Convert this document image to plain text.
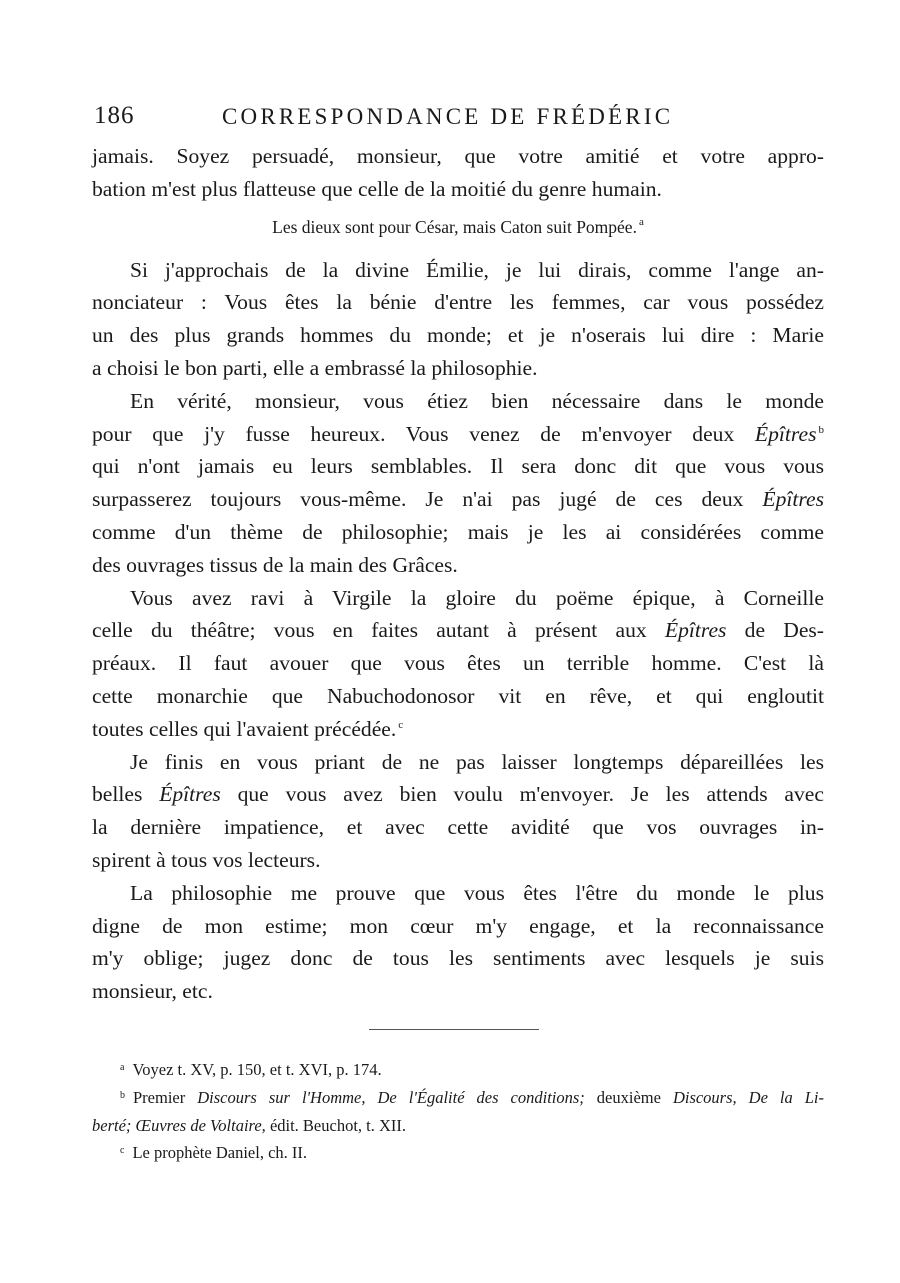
186	CORRESPONDANCE DE FRÉDÉRIC
jamais. Soyez persuadé, monsieur, que votre amitié et votre appro-
bation m'est plus flatteuse que celle de la moitié du genre humain.
Les dieux sont pour César, mais Caton suit Pompée. $^a$
Si j'approchais de la divine Émilie, je lui dirais, comme l'ange an-
nonciateur : Vous êtes la bénie d'entre les femmes, car vous possédez
un des plus grands hommes du monde; et je n'oserais lui dire : Marie
a choisi le bon parti, elle a embrassé la philosophie.
En vérité, monsieur, vous étiez bien nécessaire dans le monde
pour que j'y fusse heureux. Vous venez de m'envoyer deux Épîtres $^b$
qui n'ont jamais eu leurs semblables. Il sera donc dit que vous vous
surpasserez toujours vous-même. Je n'ai pas jugé de ces deux Épîtres
comme d'un thème de philosophie; mais je les ai considérées comme
des ouvrages tissus de la main des Grâces.
Vous avez ravi à Virgile la gloire du poëme épique, à Corneille
celle du théâtre; vous en faites autant à présent aux Épîtres de Des-
préaux. Il faut avouer que vous êtes un terrible homme. C'est là
cette monarchie que Nabuchodonosor vit en rêve, et qui engloutit
toutes celles qui l'avaient précédée. $^c$
Je finis en vous priant de ne pas laisser longtemps dépareillées les
belles Épîtres que vous avez bien voulu m'envoyer. Je les attends avec
la dernière impatience, et avec cette avidité que vos ouvrages in-
spirent à tous vos lecteurs.
La philosophie me prouve que vous êtes l'être du monde le plus
digne de mon estime; mon cœur m'y engage, et la reconnaissance
m'y oblige; jugez donc de tous les sentiments avec lesquels je suis
monsieur, etc.
$^a$ Voyez t. XV, p. 150, et t. XVI, p. 174.
$^b$ Premier Discours sur l'Homme, De l'Égalité des conditions; deuxième Discours, De la Li-
berté; Œuvres de Voltaire, édit. Beuchot, t. XII.
$^c$ Le prophète Daniel, ch. II.
